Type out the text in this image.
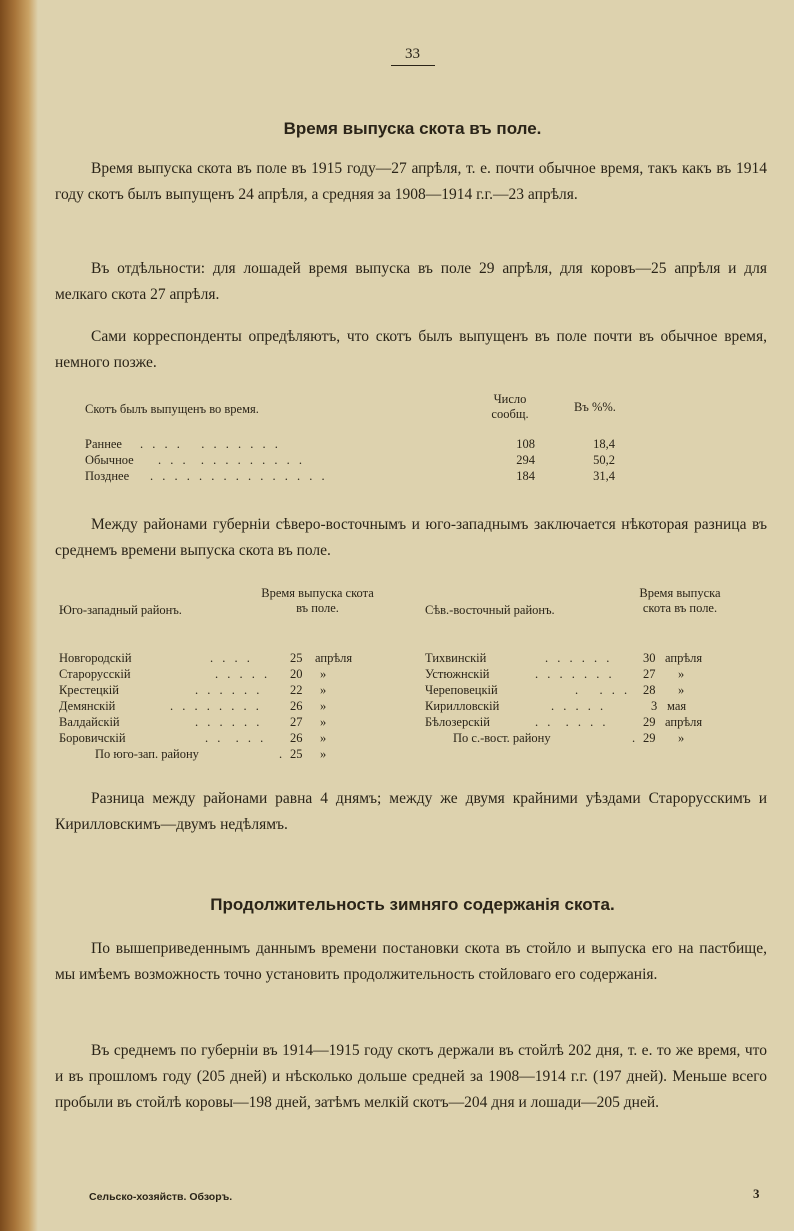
33
Время выпуска скота въ поле.

Время выпуска скота въ поле въ 1915 году—27 апрѣля, т. е. почти обычное время, такъ какъ въ 1914 году скотъ былъ выпущенъ 24 апрѣля, а средняя за 1908—1914 г.г.—23 апрѣля.

Въ отдѣльности: для лошадей время выпуска въ поле 29 апрѣля, для коровъ—25 апрѣля и для мелкаго скота 27 апрѣля.

Сами корреспонденты опредѣляютъ, что скотъ былъ выпущенъ въ поле почти въ обычное время, немного позже.

Скотъ былъ выпущенъ во время.
Число сообщ.	Въ %%.
Раннее . . . .   . . . . . . .	108	18,4
Обычное . . .  . . . . . . . . .	294	50,2
Позднее . . . . . . . . . . . . . . .	184	31,4

Между районами губерніи сѣверо-восточнымъ и юго-западнымъ заключается нѣкоторая разница въ среднемъ времени выпуска скота въ поле.

Юго-западный районъ.
Время выпуска скота въ поле.	Сѣв.-восточный районъ.
Время выпуска скота въ поле.
Новгородскій	. . . .	25 апрѣля
Старорусскій	. . . . . 20 »
Крестецкій	. . . . . . 22 »
Демянскій	. . . . . . . . 26 »
Валдайскій	. . . . . . 27 »
Боровичскій	. .  . . . 26 »
По юго-зап. району	. 25 »
Тихвинскій	. . . . . . 30 апрѣля
Устюжнскій	. . . . . . . 27 »
Череповецкій	.   . . . 28 »
Кирилловскій	. . . . .	3 мая
Бѣлозерскій	. .  . . . .	29 апрѣля
По с.-вост. району	. 29 »

Разница между районами равна 4 днямъ; между же двумя крайними уѣздами Старорусскимъ и Кирилловскимъ—двумъ недѣлямъ.

Продолжительность зимняго содержанія скота.

По вышеприведеннымъ даннымъ времени постановки скота въ стойло и выпуска его на пастбище, мы имѣемъ возможность точно установить продолжительность стойловаго его содержанія.

Въ среднемъ по губерніи въ 1914—1915 году скотъ держали въ стойлѣ 202 дня, т. е. то же время, что и въ прошломъ году (205 дней) и нѣсколько дольше средней за 1908—1914 г.г. (197 дней). Меньше всего пробыли въ стойлѣ коровы—198 дней, затѣмъ мелкій скотъ—204 дня и лошади—205 дней.

Сельско-хозяйств. Обзоръ.	3
